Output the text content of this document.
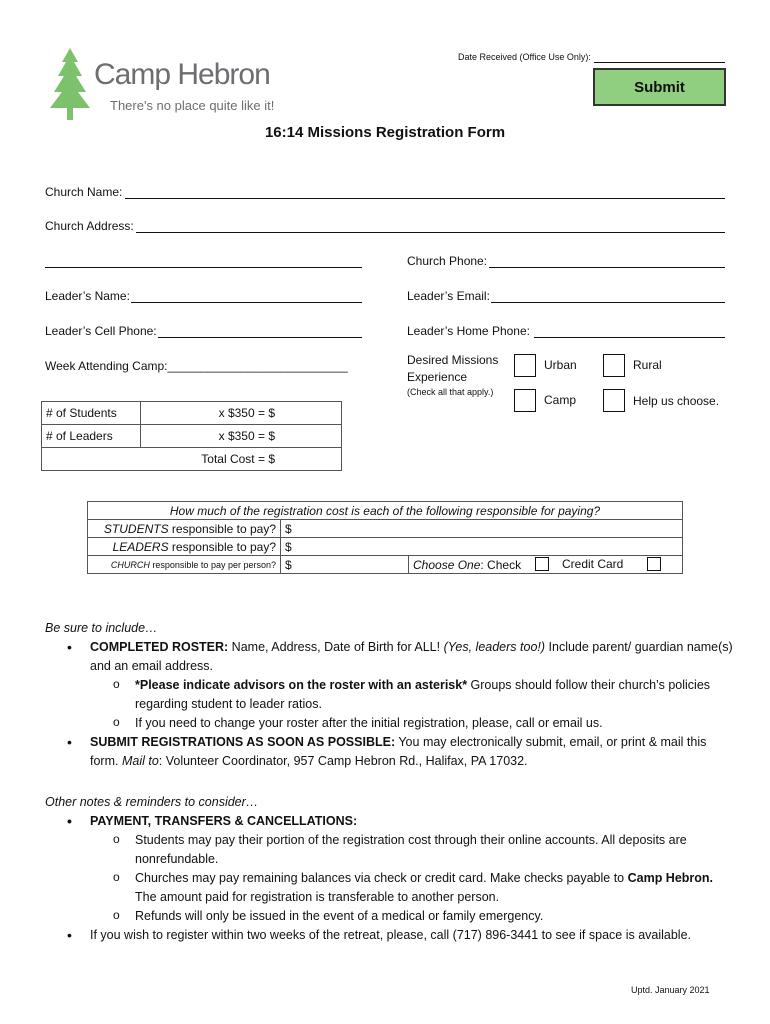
Camp Hebron
There's no place quite like it!
Date Received (Office Use Only):
Submit
16:14 Missions Registration Form
Church Name:
Church Address:
Church Phone:
Leader’s Name:	Leader’s Email:
Leader’s Cell Phone:	Leader’s Home Phone:
Week Attending Camp:___________________________	Desired Missions
Experience
(Check all that apply.)
Urban	Rural
Camp	Help us choose.
# of Students	x $350 = $
# of Leaders	x $350 = $
Total Cost = $	
How much of the registration cost is each of the following responsible for paying?		
STUDENTS responsible to pay?	$	
LEADERS responsible to pay?	$	
CHURCH responsible to pay per person?	$	Choose One: Check Credit Card
Be sure to include…
• COMPLETED ROSTER: Name, Address, Date of Birth for ALL! (Yes, leaders too!) Include parent/ guardian name(s) and an email address.
o *Please indicate advisors on the roster with an asterisk* Groups should follow their church’s policies regarding student to leader ratios.
o If you need to change your roster after the initial registration, please, call or email us.
• SUBMIT REGISTRATIONS AS SOON AS POSSIBLE: You may electronically submit, email, or print & mail this form. Mail to: Volunteer Coordinator, 957 Camp Hebron Rd., Halifax, PA 17032.
Other notes & reminders to consider…
• PAYMENT, TRANSFERS & CANCELLATIONS:
o Students may pay their portion of the registration cost through their online accounts. All deposits are nonrefundable.
o Churches may pay remaining balances via check or credit card. Make checks payable to Camp Hebron. The amount paid for registration is transferable to another person.
o Refunds will only be issued in the event of a medical or family emergency.
• If you wish to register within two weeks of the retreat, please, call (717) 896-3441 to see if space is available.
Uptd. January 2021
